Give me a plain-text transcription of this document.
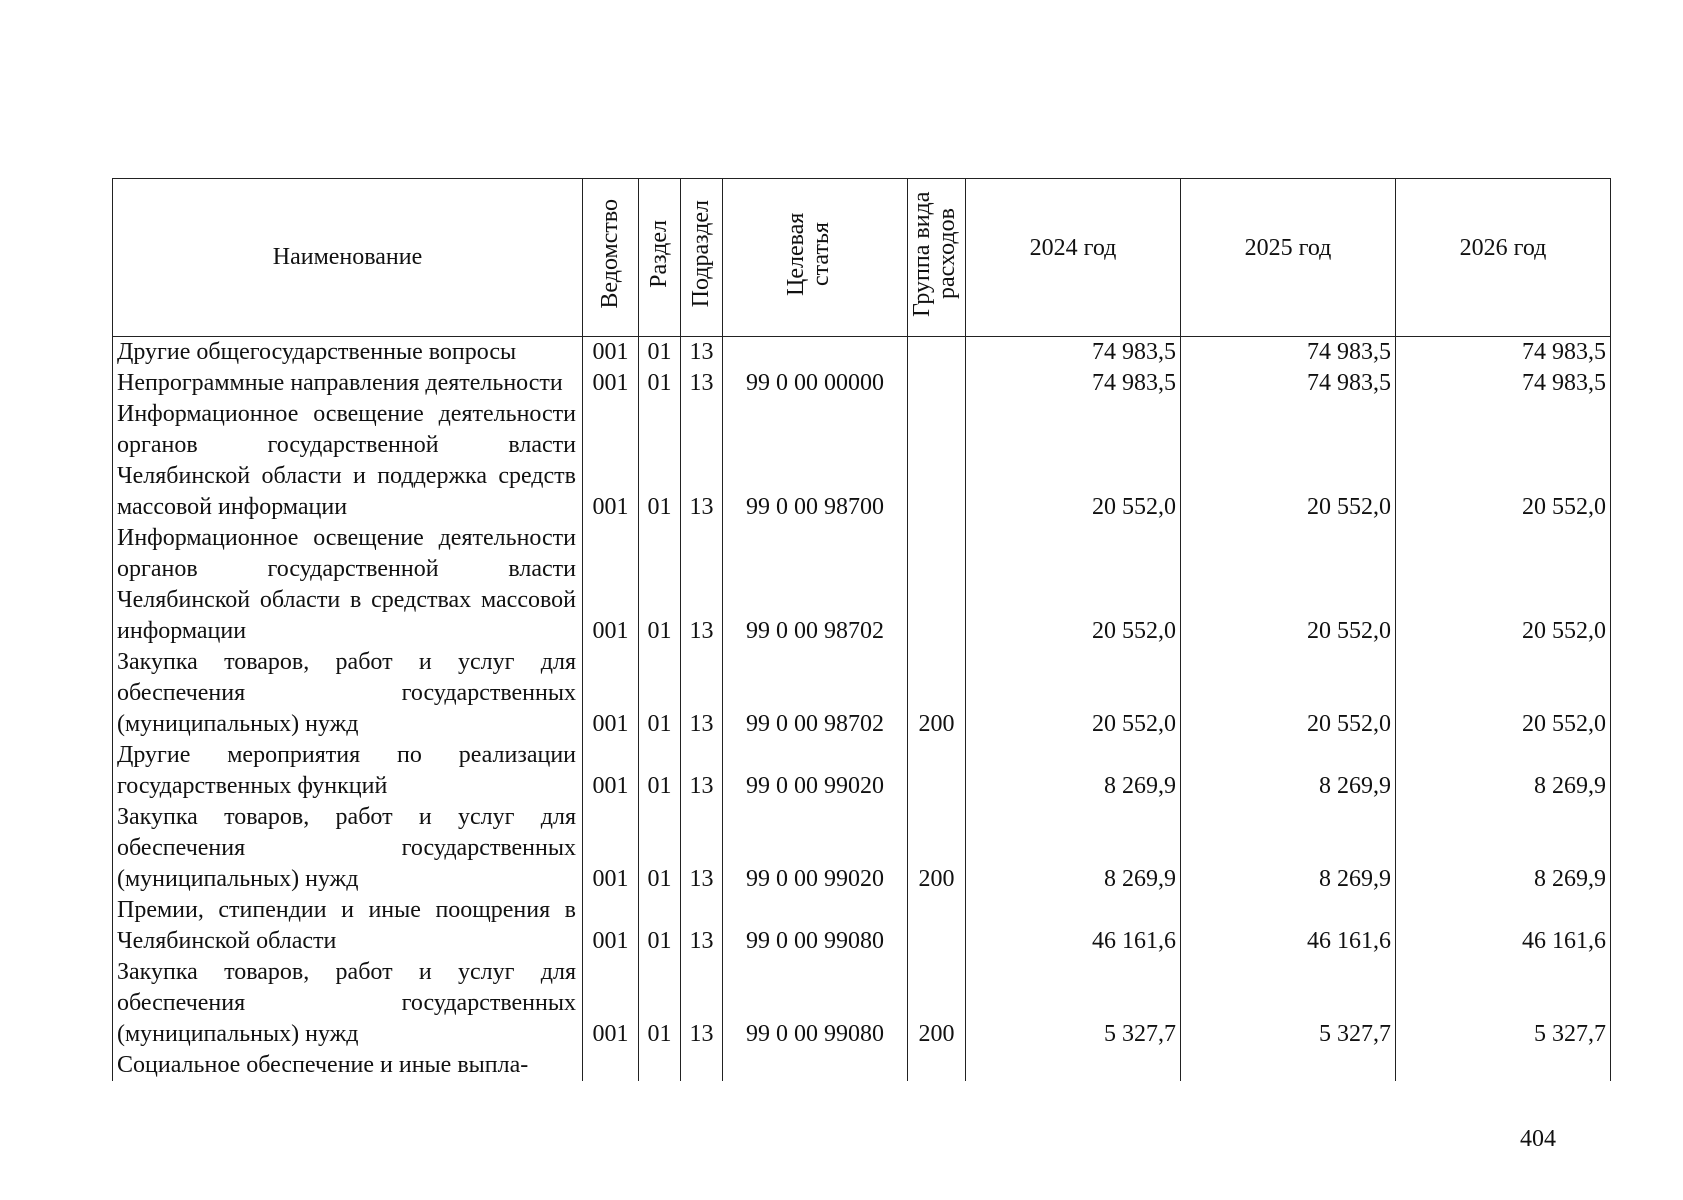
Наименование	Ведомство	Раздел	Подраздел	Целевая статья	Группа вида расходов	2024 год	2025 год	2026 год

Другие общегосударственные вопросы	001	01	13			74 983,5	74 983,5	74 983,5
Непрограммные направления деятельности	001	01	13	99 0 00 00000		74 983,5	74 983,5	74 983,5
Информационное освещение деятельности органов государственной власти Челябинской области и поддержка средств массовой информации	001	01	13	99 0 00 98700		20 552,0	20 552,0	20 552,0
Информационное освещение деятельности органов государственной власти Челябинской области в средствах массовой информации	001	01	13	99 0 00 98702		20 552,0	20 552,0	20 552,0
Закупка товаров, работ и услуг для обеспечения государственных (муниципальных) нужд	001	01	13	99 0 00 98702	200	20 552,0	20 552,0	20 552,0
Другие мероприятия по реализации государственных функций	001	01	13	99 0 00 99020		8 269,9	8 269,9	8 269,9
Закупка товаров, работ и услуг для обеспечения государственных (муниципальных) нужд	001	01	13	99 0 00 99020	200	8 269,9	8 269,9	8 269,9
Премии, стипендии и иные поощрения в Челябинской области	001	01	13	99 0 00 99080		46 161,6	46 161,6	46 161,6
Закупка товаров, работ и услуг для обеспечения государственных (муниципальных) нужд	001	01	13	99 0 00 99080	200	5 327,7	5 327,7	5 327,7
Социальное обеспечение и иные выпла-								
404
